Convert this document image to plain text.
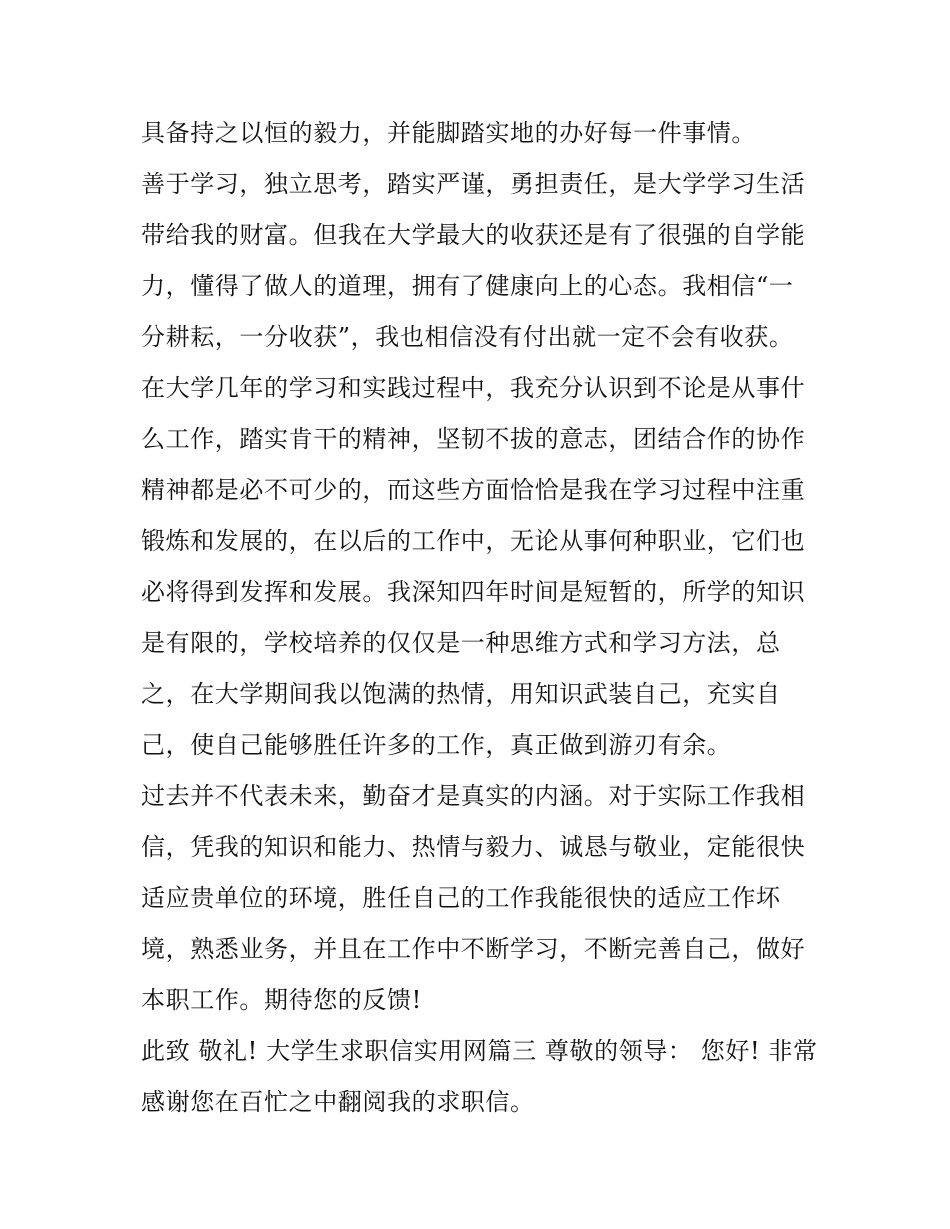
具备持之以恒的毅力，并能脚踏实地的办好每一件事情。
善于学习，独立思考，踏实严谨，勇担责任，是大学学习生活
带给我的财富。但我在大学最大的收获还是有了很强的自学能
力，懂得了做人的道理，拥有了健康向上的心态。我相信“一
分耕耘，一分收获”，我也相信没有付出就一定不会有收获。
在大学几年的学习和实践过程中，我充分认识到不论是从事什
么工作，踏实肯干的精神，坚韧不拔的意志，团结合作的协作
精神都是必不可少的，而这些方面恰恰是我在学习过程中注重
锻炼和发展的，在以后的工作中，无论从事何种职业，它们也
必将得到发挥和发展。我深知四年时间是短暂的，所学的知识
是有限的，学校培养的仅仅是一种思维方式和学习方法，总
之，在大学期间我以饱满的热情，用知识武装自己，充实自
己，使自己能够胜任许多的工作，真正做到游刃有余。
过去并不代表未来，勤奋才是真实的内涵。对于实际工作我相
信，凭我的知识和能力、热情与毅力、诚恳与敬业，定能很快
适应贵单位的环境，胜任自己的工作我能很快的适应工作坏
境，熟悉业务，并且在工作中不断学习，不断完善自己，做好
本职工作。期待您的反馈!
此致 敬礼! 大学生求职信实用网篇三 尊敬的领导： 您好! 非常
感谢您在百忙之中翻阅我的求职信。
